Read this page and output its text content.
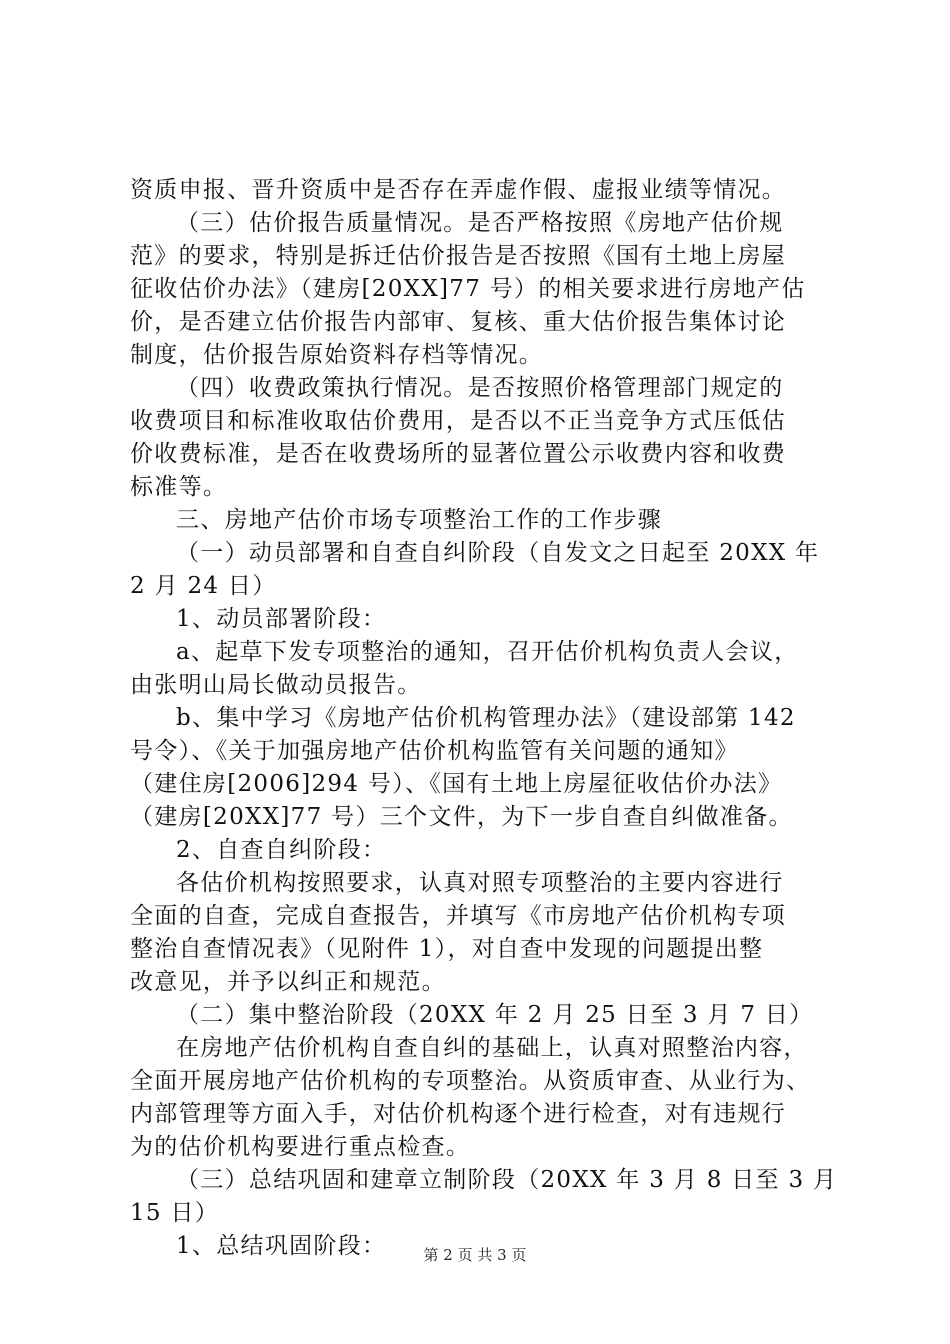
资质申报、晋升资质中是否存在弄虚作假、虚报业绩等情况。
（三）估价报告质量情况。是否严格按照《房地产估价规
范》的要求，特别是拆迁估价报告是否按照《国有土地上房屋
征收估价办法》（建房[20XX]77 号）的相关要求进行房地产估
价，是否建立估价报告内部审、复核、重大估价报告集体讨论
制度，估价报告原始资料存档等情况。
（四）收费政策执行情况。是否按照价格管理部门规定的
收费项目和标准收取估价费用，是否以不正当竞争方式压低估
价收费标准，是否在收费场所的显著位置公示收费内容和收费
标准等。
三、房地产估价市场专项整治工作的工作步骤
（一）动员部署和自查自纠阶段（自发文之日起至 20XX 年
2 月 24 日）
1、动员部署阶段：
a、起草下发专项整治的通知，召开估价机构负责人会议，
由张明山局长做动员报告。
b、集中学习《房地产估价机构管理办法》（建设部第 142
号令）、《关于加强房地产估价机构监管有关问题的通知》
（建住房[2006]294 号）、《国有土地上房屋征收估价办法》
（建房[20XX]77 号）三个文件，为下一步自查自纠做准备。
2、自查自纠阶段：
各估价机构按照要求，认真对照专项整治的主要内容进行
全面的自查，完成自查报告，并填写《市房地产估价机构专项
整治自查情况表》（见附件 1），对自查中发现的问题提出整
改意见，并予以纠正和规范。
（二）集中整治阶段（20XX 年 2 月 25 日至 3 月 7 日）
在房地产估价机构自查自纠的基础上，认真对照整治内容，
全面开展房地产估价机构的专项整治。从资质审查、从业行为、
内部管理等方面入手，对估价机构逐个进行检查，对有违规行
为的估价机构要进行重点检查。
（三）总结巩固和建章立制阶段（20XX 年 3 月 8 日至 3 月
15 日）
1、总结巩固阶段：	第 2 页 共 3 页
